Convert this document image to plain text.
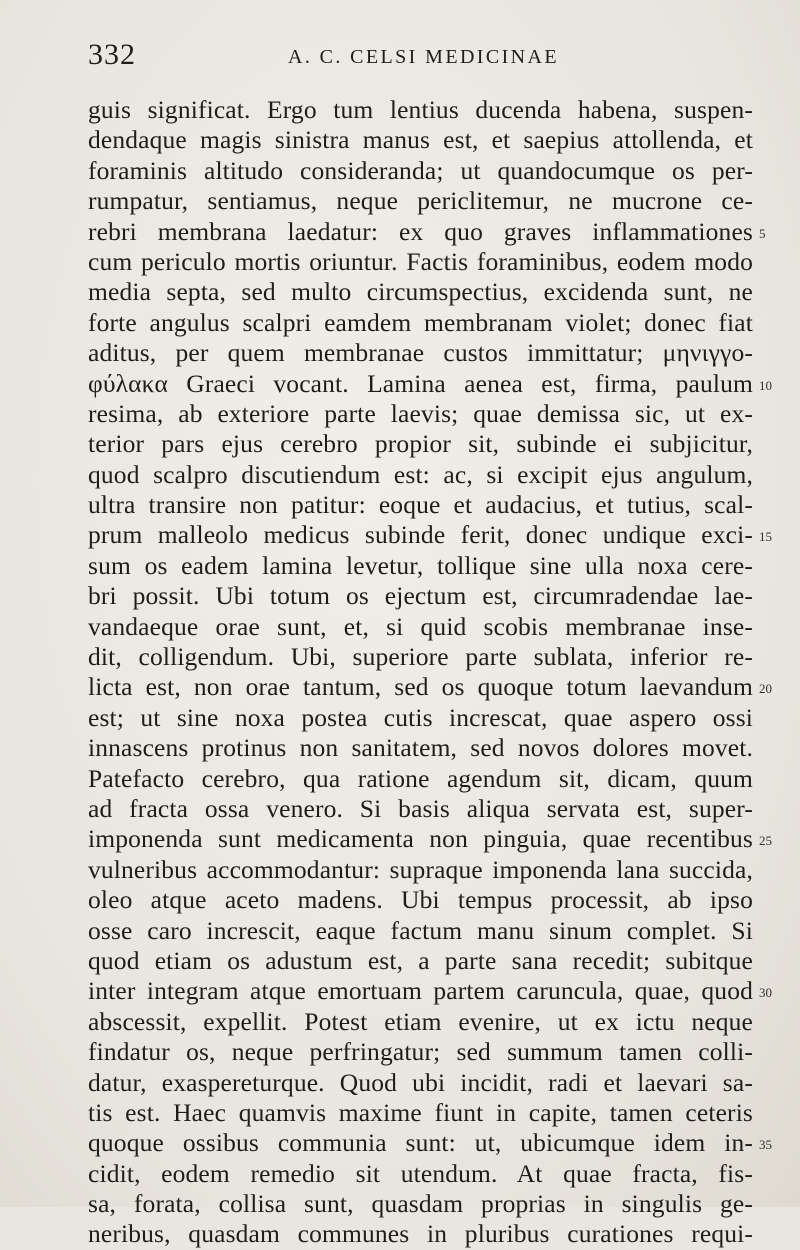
332	A. C. CELSI MEDICINAE
guis significat. Ergo tum lentius ducenda habena, suspen-
dendaque magis sinistra manus est, et saepius attollenda, et
foraminis altitudo consideranda; ut quandocumque os per-
rumpatur, sentiamus, neque periclitemur, ne mucrone ce-
rebri membrana laedatur: ex quo graves inflammationes 5
cum periculo mortis oriuntur. Factis foraminibus, eodem modo
media septa, sed multo circumspectius, excidenda sunt, ne
forte angulus scalpri eamdem membranam violet; donec fiat
aditus, per quem membranae custos immittatur; μηνιγγο-
φύλακα Graeci vocant. Lamina aenea est, firma, paulum 10
resima, ab exteriore parte laevis; quae demissa sic, ut ex-
terior pars ejus cerebro propior sit, subinde ei subjicitur,
quod scalpro discutiendum est: ac, si excipit ejus angulum,
ultra transire non patitur: eoque et audacius, et tutius, scal-
prum malleolo medicus subinde ferit, donec undique exci- 15
sum os eadem lamina levetur, tollique sine ulla noxa cere-
bri possit. Ubi totum os ejectum est, circumradendae lae-
vandaeque orae sunt, et, si quid scobis membranae inse-
dit, colligendum. Ubi, superiore parte sublata, inferior re-
licta est, non orae tantum, sed os quoque totum laevandum 20
est; ut sine noxa postea cutis increscat, quae aspero ossi
innascens protinus non sanitatem, sed novos dolores movet.
Patefacto cerebro, qua ratione agendum sit, dicam, quum
ad fracta ossa venero. Si basis aliqua servata est, super-
imponenda sunt medicamenta non pinguia, quae recentibus 25
vulneribus accommodantur: supraque imponenda lana succida,
oleo atque aceto madens. Ubi tempus processit, ab ipso
osse caro increscit, eaque factum manu sinum complet. Si
quod etiam os adustum est, a parte sana recedit; subitque
inter integram atque emortuam partem caruncula, quae, quod 30
abscessit, expellit. Potest etiam evenire, ut ex ictu neque
findatur os, neque perfringatur; sed summum tamen colli-
datur, exaspereturque. Quod ubi incidit, radi et laevari sa-
tis est. Haec quamvis maxime fiunt in capite, tamen ceteris
quoque ossibus communia sunt: ut, ubicumque idem in- 35
cidit, eodem remedio sit utendum. At quae fracta, fis-
sa, forata, collisa sunt, quasdam proprias in singulis ge-
neribus, quasdam communes in pluribus curationes requi-
